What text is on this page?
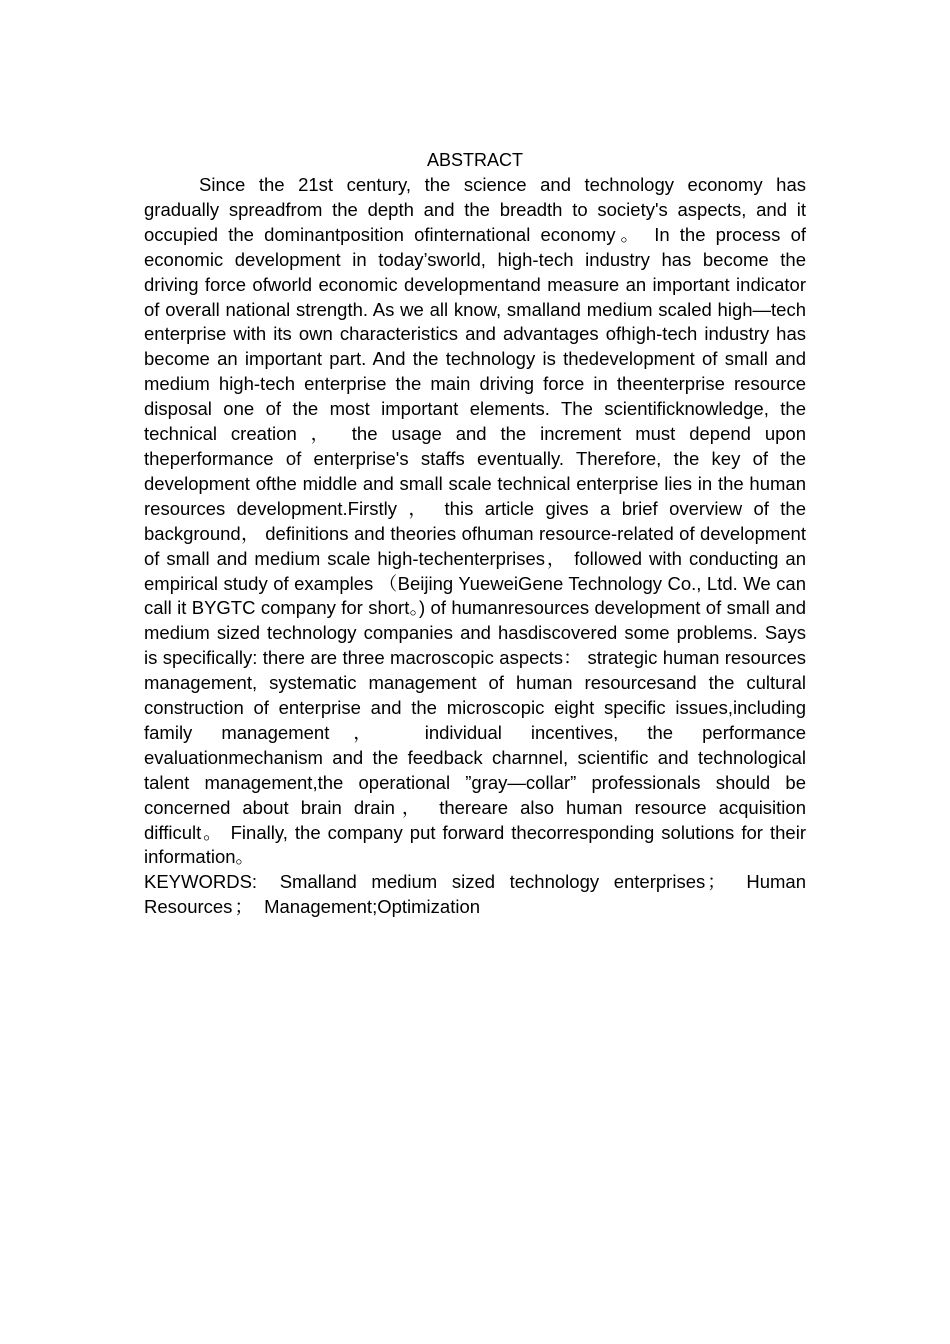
ABSTRACT

Since the 21st century, the science and technology economy has gradually spreadfrom the depth and the breadth to society's aspects, and it occupied the dominantposition ofinternational economy。 In the process of economic development in today’sworld, high-tech industry has become the driving force ofworld economic developmentand measure an important indicator of overall national strength. As we all know, smalland medium scaled high—tech enterprise with its own characteristics and advantages ofhigh-tech industry has become an important part. And the technology is thedevelopment of small and medium high-tech enterprise the main driving force in theenterprise resource disposal one of the most important elements. The scientificknowledge, the technical creation ， the usage and the increment must depend upon theperformance of enterprise's staffs eventually. Therefore, the key of the development ofthe middle and small scale technical enterprise lies in the human resources development.Firstly ， this article gives a brief overview of the background， definitions and theories ofhuman resource-related of development of small and medium scale high-techenterprises， followed with conducting an empirical study of examples （Beijing YueweiGene Technology Co., Ltd. We can call it BYGTC company for short。) of humanresources development of small and medium sized technology companies and hasdiscovered some problems. Says is specifically: there are three macroscopic aspects： strategic human resources management, systematic management of human resourcesand the cultural construction of enterprise and the microscopic eight specific issues,including family management， individual incentives, the performance evaluationmechanism and the feedback charnnel, scientific and technological talent management,the operational ”gray—collar” professionals should be concerned about brain drain， thereare also human resource acquisition difficult。 Finally, the company put forward thecorresponding solutions for their information。

KEYWORDS: Smalland medium sized technology enterprises ； Human Resources ； Management;Optimization
